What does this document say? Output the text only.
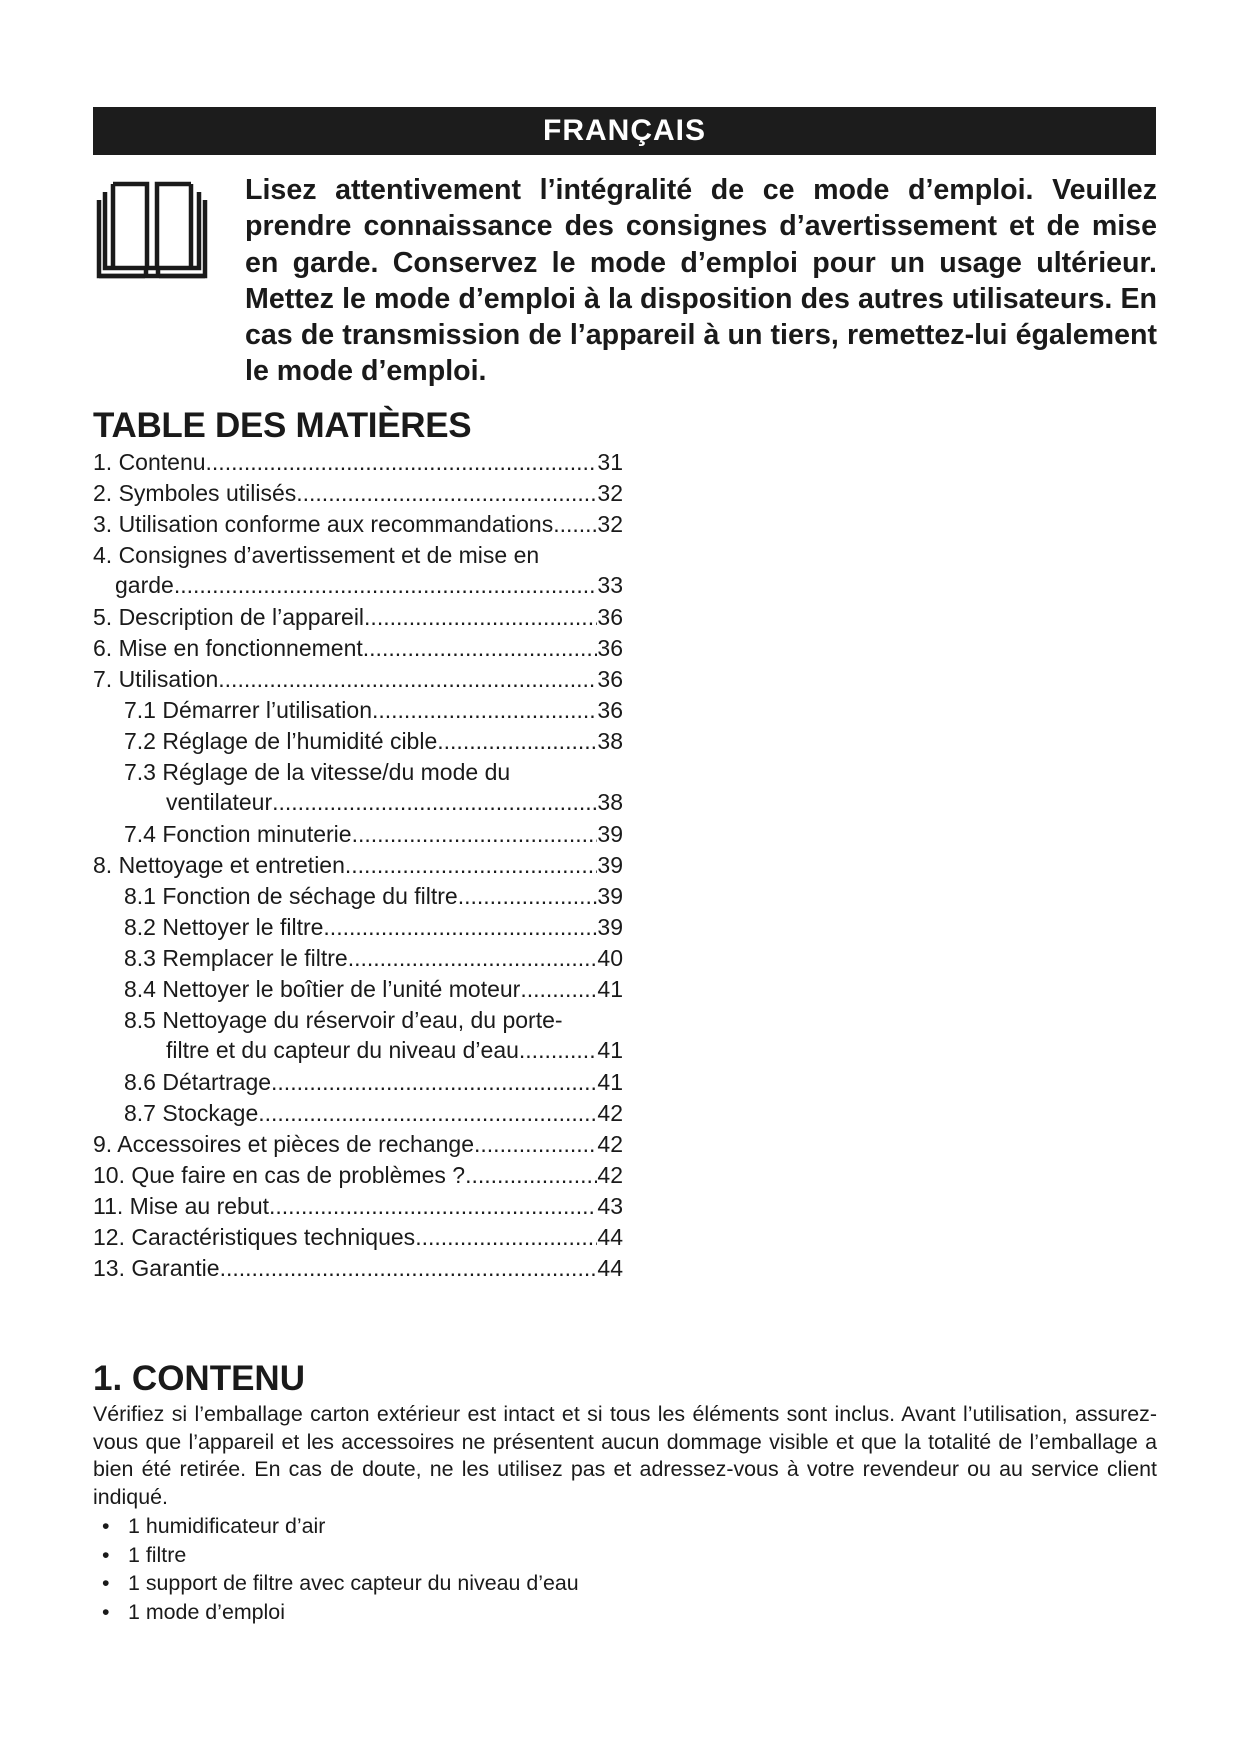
FRANÇAIS

Lisez attentivement l’intégralité de ce mode d’emploi. Veuillez prendre connaissance des consignes d’avertissement et de mise en garde. Conservez le mode d’emploi pour un usage ultérieur. Mettez le mode d’emploi à la disposition des autres utilisateurs. En cas de transmission de l’appareil à un tiers, remettez-lui également le mode d’emploi.

TABLE DES MATIÈRES
1. Contenu .....	31
2. Symboles utilisés .....	32
3. Utilisation conforme aux recommandations ..... 32
4. Consignes d’avertissement et de mise en
garde .....	33
5. Description de l’appareil .....	36
6. Mise en fonctionnement .....	36
7. Utilisation .....	36
7.1 Démarrer l’utilisation .....	36
7.2 Réglage de l’humidité cible .....	38
7.3 Réglage de la vitesse/du mode du
ventilateur .....	38
7.4 Fonction minuterie .....	39
8. Nettoyage et entretien .....	39
8.1 Fonction de séchage du filtre .....	39
8.2 Nettoyer le filtre .....	39
8.3 Remplacer le filtre .....	40
8.4 Nettoyer le boîtier de l’unité moteur .....	41
8.5 Nettoyage du réservoir d’eau, du porte-
filtre et du capteur du niveau d’eau .....	41
8.6 Détartrage .....	41
8.7 Stockage .....	42
9. Accessoires et pièces de rechange .....	42
10. Que faire en cas de problèmes ? .....	42
11. Mise au rebut .....	43
12. Caractéristiques techniques .....	44
13. Garantie .....	44
1. CONTENU

Vérifiez si l’emballage carton extérieur est intact et si tous les éléments sont inclus. Avant l’utilisation, assurez-vous que l’appareil et les accessoires ne présentent aucun dommage visible et que la totalité de l’emballage a bien été retirée. En cas de doute, ne les utilisez pas et adressez-vous à votre revendeur ou au service client indiqué.

• 1 humidificateur d’air
• 1 filtre
• 1 support de filtre avec capteur du niveau d’eau
• 1 mode d’emploi
